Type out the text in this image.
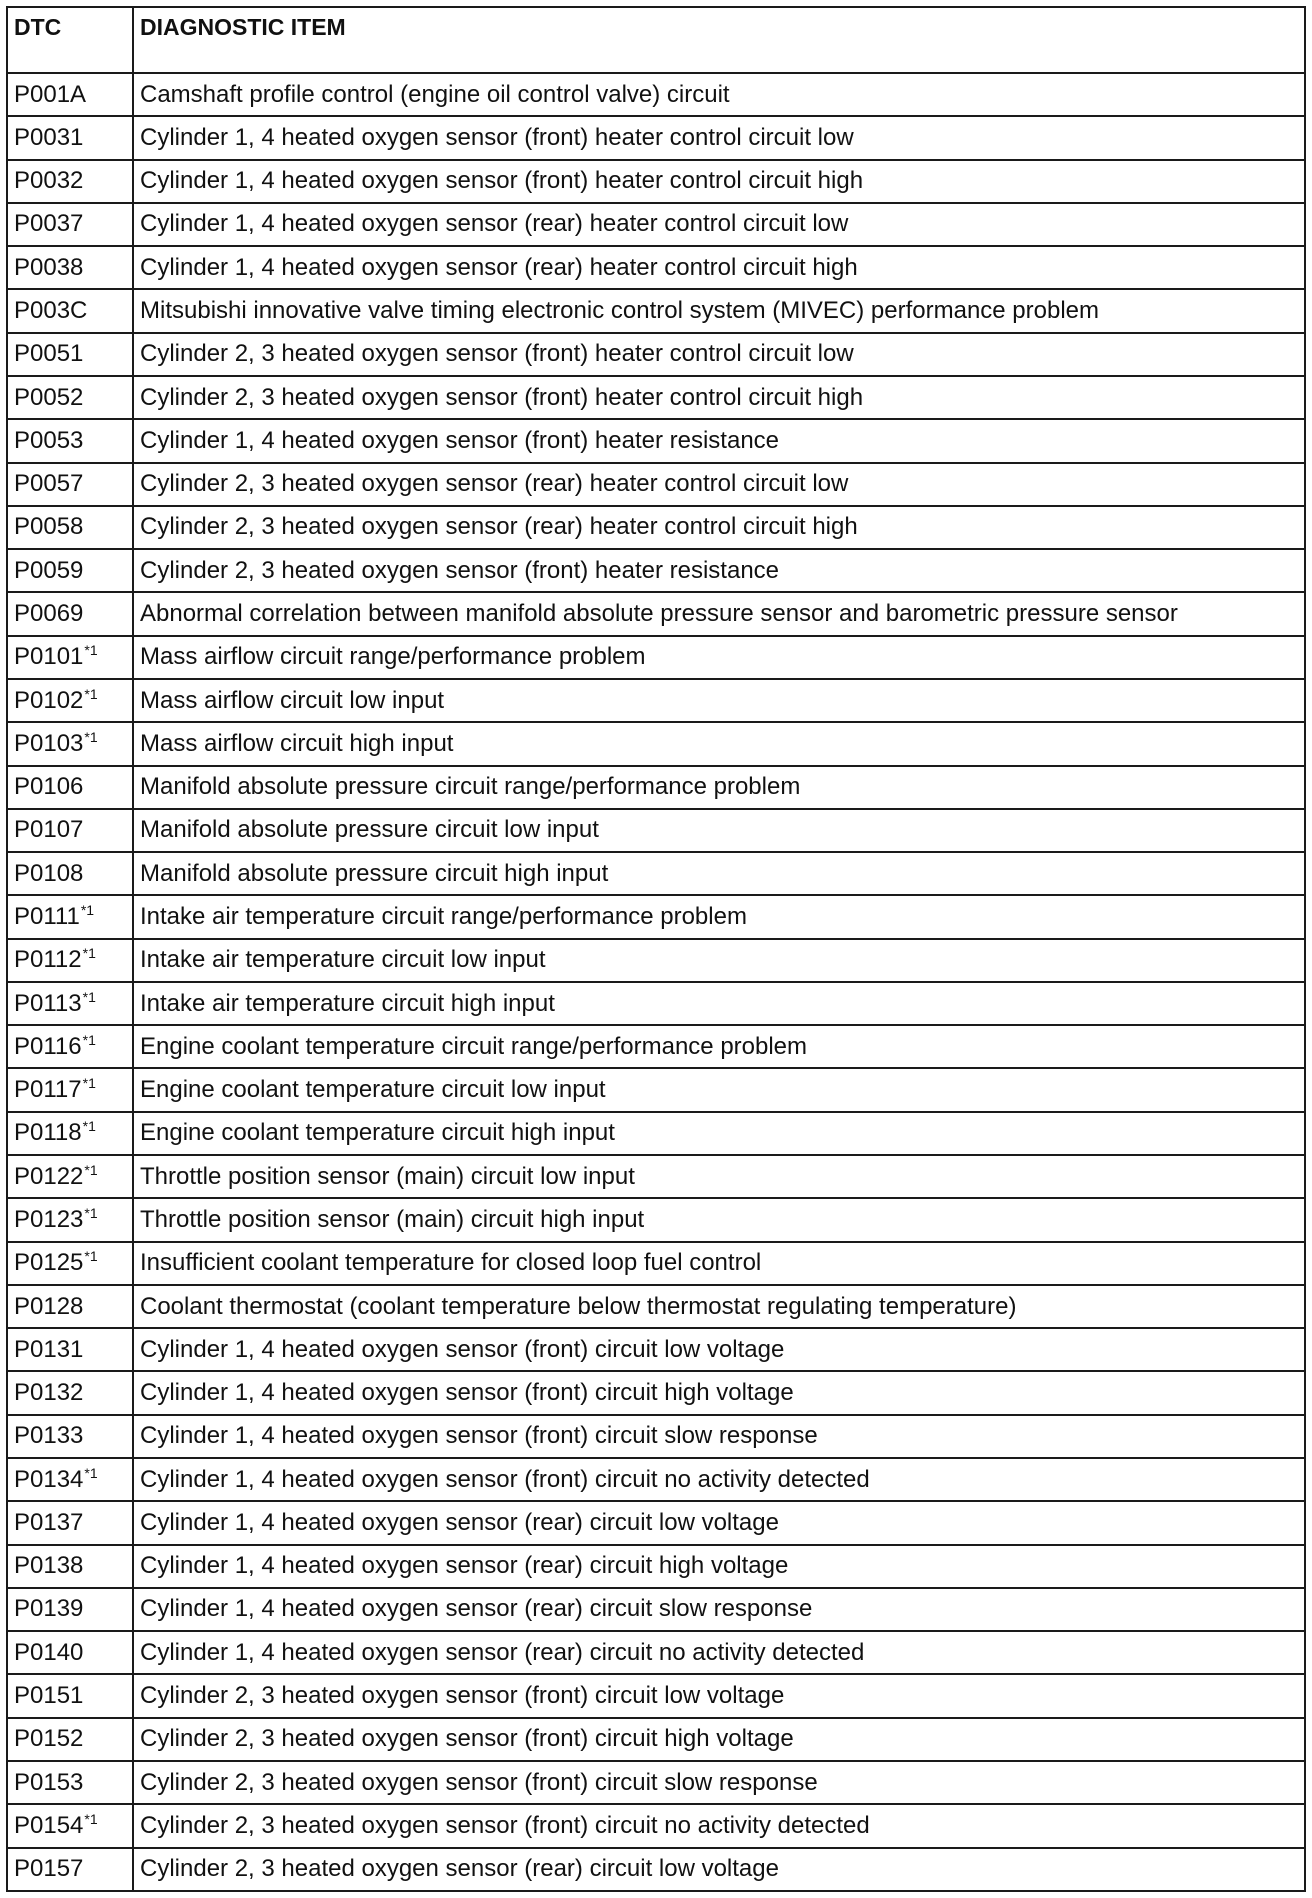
DTC	DIAGNOSTIC ITEM
P001A	Camshaft profile control (engine oil control valve) circuit
P0031	Cylinder 1, 4 heated oxygen sensor (front) heater control circuit low
P0032	Cylinder 1, 4 heated oxygen sensor (front) heater control circuit high
P0037	Cylinder 1, 4 heated oxygen sensor (rear) heater control circuit low
P0038	Cylinder 1, 4 heated oxygen sensor (rear) heater control circuit high
P003C	Mitsubishi innovative valve timing electronic control system (MIVEC) performance problem
P0051	Cylinder 2, 3 heated oxygen sensor (front) heater control circuit low
P0052	Cylinder 2, 3 heated oxygen sensor (front) heater control circuit high
P0053	Cylinder 1, 4 heated oxygen sensor (front) heater resistance
P0057	Cylinder 2, 3 heated oxygen sensor (rear) heater control circuit low
P0058	Cylinder 2, 3 heated oxygen sensor (rear) heater control circuit high
P0059	Cylinder 2, 3 heated oxygen sensor (front) heater resistance
P0069	Abnormal correlation between manifold absolute pressure sensor and barometric pressure sensor
P0101$^{*1}$	Mass airflow circuit range/performance problem
P0102$^{*1}$	Mass airflow circuit low input
P0103$^{*1}$	Mass airflow circuit high input
P0106	Manifold absolute pressure circuit range/performance problem
P0107	Manifold absolute pressure circuit low input
P0108	Manifold absolute pressure circuit high input
P0111$^{*1}$	Intake air temperature circuit range/performance problem
P0112$^{*1}$	Intake air temperature circuit low input
P0113$^{*1}$	Intake air temperature circuit high input
P0116$^{*1}$	Engine coolant temperature circuit range/performance problem
P0117$^{*1}$	Engine coolant temperature circuit low input
P0118$^{*1}$	Engine coolant temperature circuit high input
P0122$^{*1}$	Throttle position sensor (main) circuit low input
P0123$^{*1}$	Throttle position sensor (main) circuit high input
P0125$^{*1}$	Insufficient coolant temperature for closed loop fuel control
P0128	Coolant thermostat (coolant temperature below thermostat regulating temperature)
P0131	Cylinder 1, 4 heated oxygen sensor (front) circuit low voltage
P0132	Cylinder 1, 4 heated oxygen sensor (front) circuit high voltage
P0133	Cylinder 1, 4 heated oxygen sensor (front) circuit slow response
P0134$^{*1}$	Cylinder 1, 4 heated oxygen sensor (front) circuit no activity detected
P0137	Cylinder 1, 4 heated oxygen sensor (rear) circuit low voltage
P0138	Cylinder 1, 4 heated oxygen sensor (rear) circuit high voltage
P0139	Cylinder 1, 4 heated oxygen sensor (rear) circuit slow response
P0140	Cylinder 1, 4 heated oxygen sensor (rear) circuit no activity detected
P0151	Cylinder 2, 3 heated oxygen sensor (front) circuit low voltage
P0152	Cylinder 2, 3 heated oxygen sensor (front) circuit high voltage
P0153	Cylinder 2, 3 heated oxygen sensor (front) circuit slow response
P0154$^{*1}$	Cylinder 2, 3 heated oxygen sensor (front) circuit no activity detected
P0157	Cylinder 2, 3 heated oxygen sensor (rear) circuit low voltage
